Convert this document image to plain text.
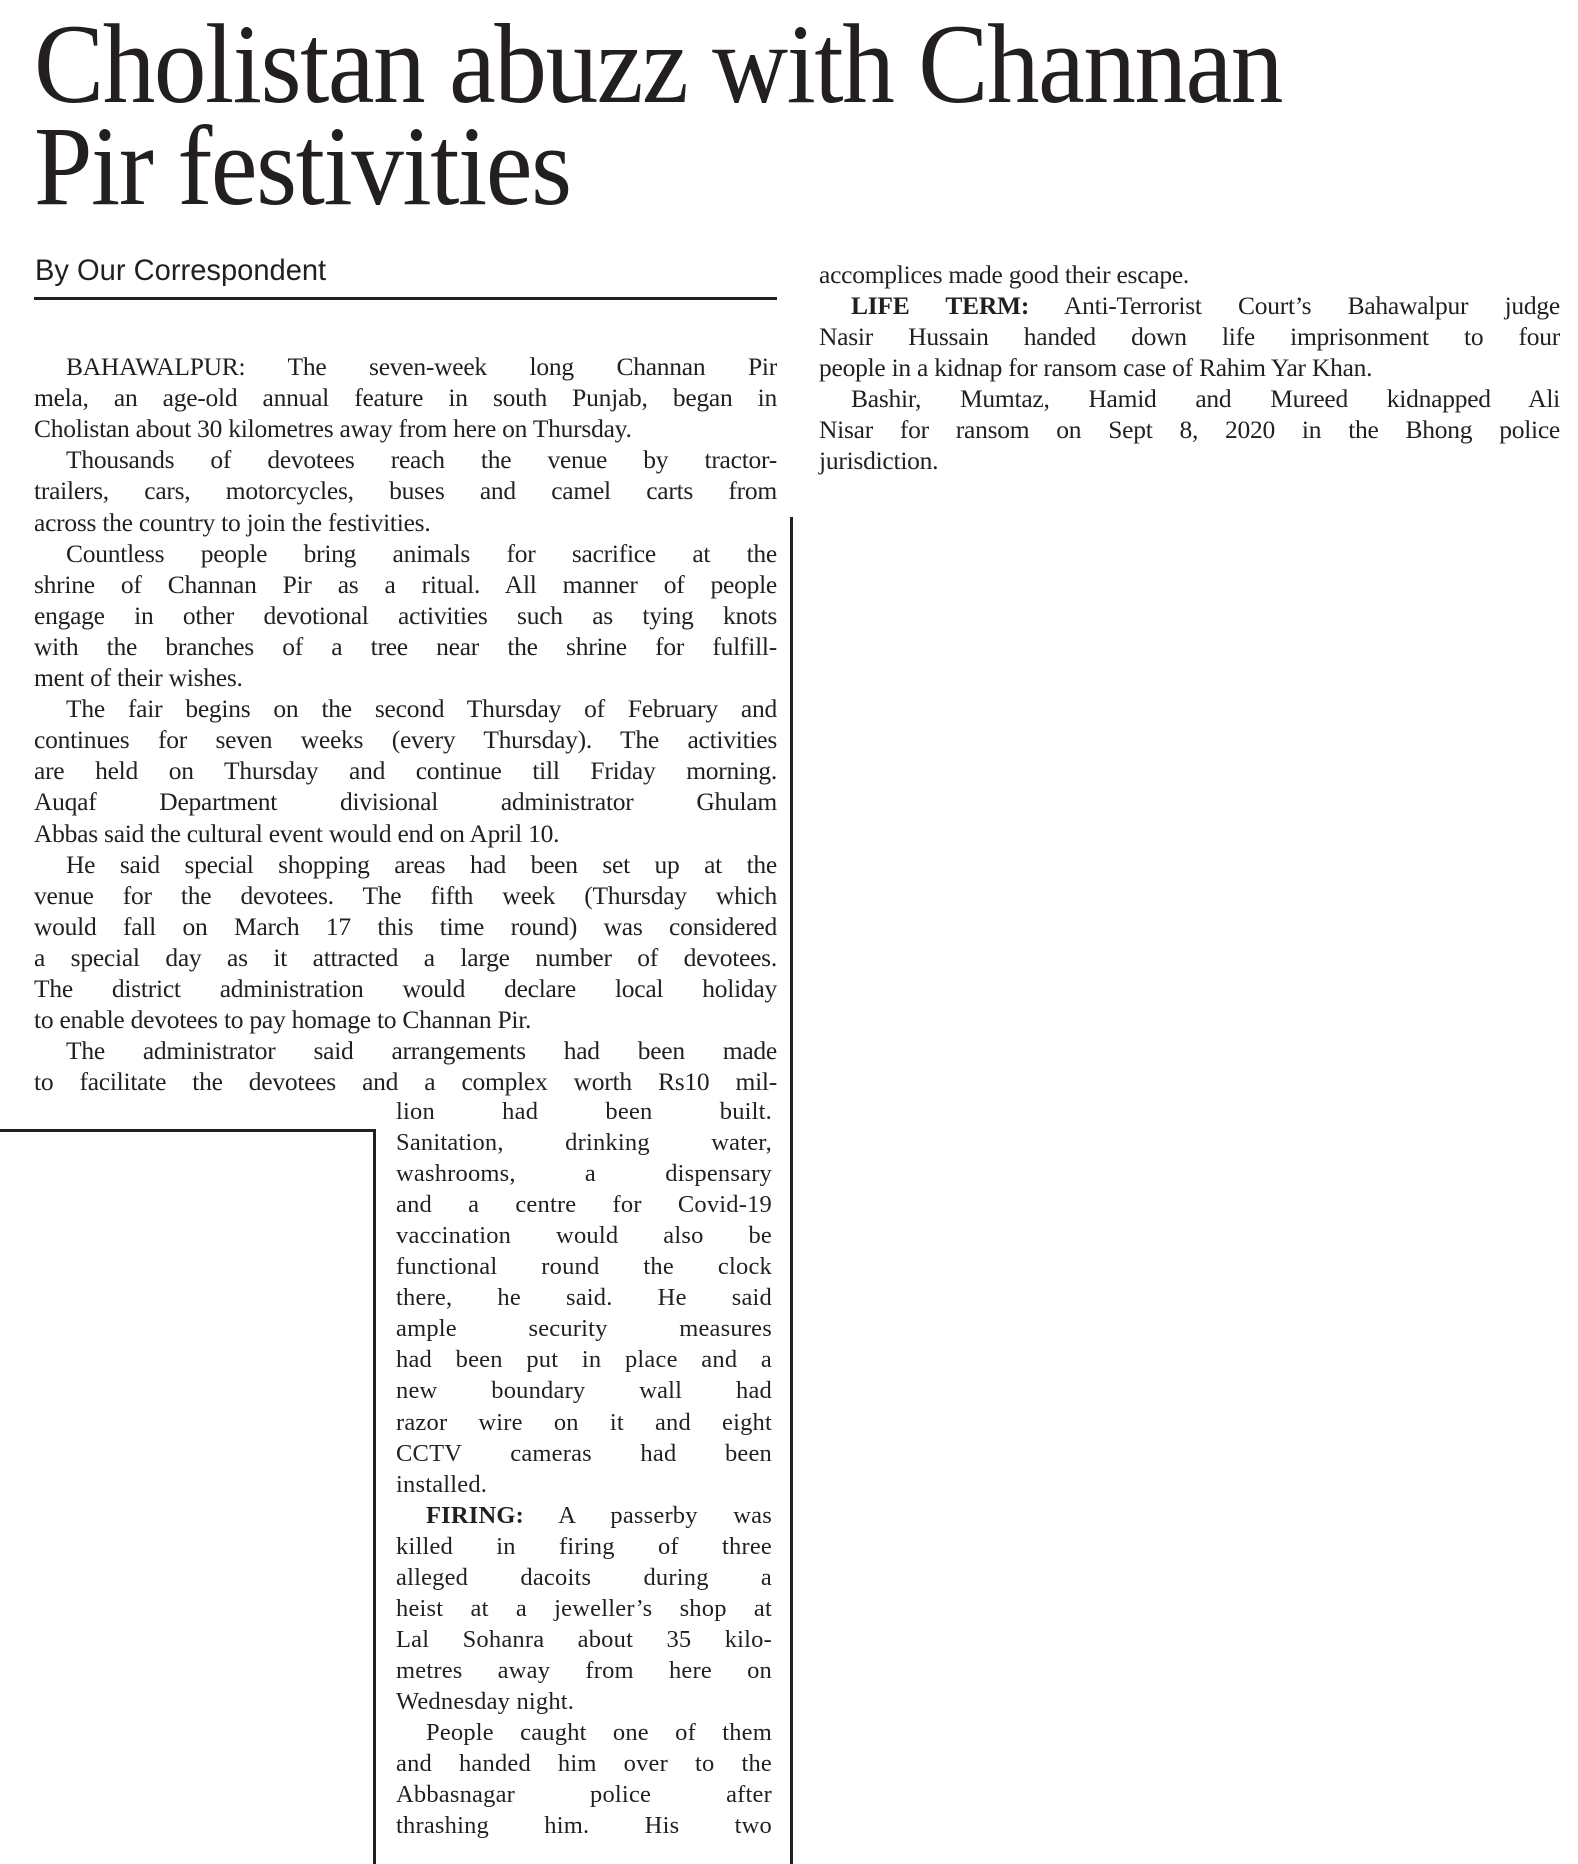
Cholistan abuzz with Channan
Pir festivities
By Our Correspondent
BAHAWALPUR: The seven-week long Channan Pir
mela, an age-old annual feature in south Punjab, began in
Cholistan about 30 kilometres away from here on Thursday.
Thousands of devotees reach the venue by tractor-
trailers, cars, motorcycles, buses and camel carts from
across the country to join the festivities.
Countless people bring animals for sacrifice at the
shrine of Channan Pir as a ritual. All manner of people
engage in other devotional activities such as tying knots
with the branches of a tree near the shrine for fulfill-
ment of their wishes.
The fair begins on the second Thursday of February and
continues for seven weeks (every Thursday). The activities
are held on Thursday and continue till Friday morning.
Auqaf Department divisional administrator Ghulam
Abbas said the cultural event would end on April 10.
He said special shopping areas had been set up at the
venue for the devotees. The fifth week (Thursday which
would fall on March 17 this time round) was considered
a special day as it attracted a large number of devotees.
The district administration would declare local holiday
to enable devotees to pay homage to Channan Pir.
The administrator said arrangements had been made
to facilitate the devotees and a complex worth Rs10 mil-
lion had been built.
Sanitation, drinking water,
washrooms, a dispensary
and a centre for Covid-19
vaccination would also be
functional round the clock
there, he said. He said
ample security measures
had been put in place and a
new boundary wall had
razor wire on it and eight
CCTV cameras had been
installed.
FIRING: A passerby was
killed in firing of three
alleged dacoits during a
heist at a jeweller’s shop at
Lal Sohanra about 35 kilo-
metres away from here on
Wednesday night.
People caught one of them
and handed him over to the
Abbasnagar police after
thrashing him. His two
accomplices made good their escape.
LIFE TERM: Anti-Terrorist Court’s Bahawalpur judge
Nasir Hussain handed down life imprisonment to four
people in a kidnap for ransom case of Rahim Yar Khan.
Bashir, Mumtaz, Hamid and Mureed kidnapped Ali
Nisar for ransom on Sept 8, 2020 in the Bhong police
jurisdiction.
